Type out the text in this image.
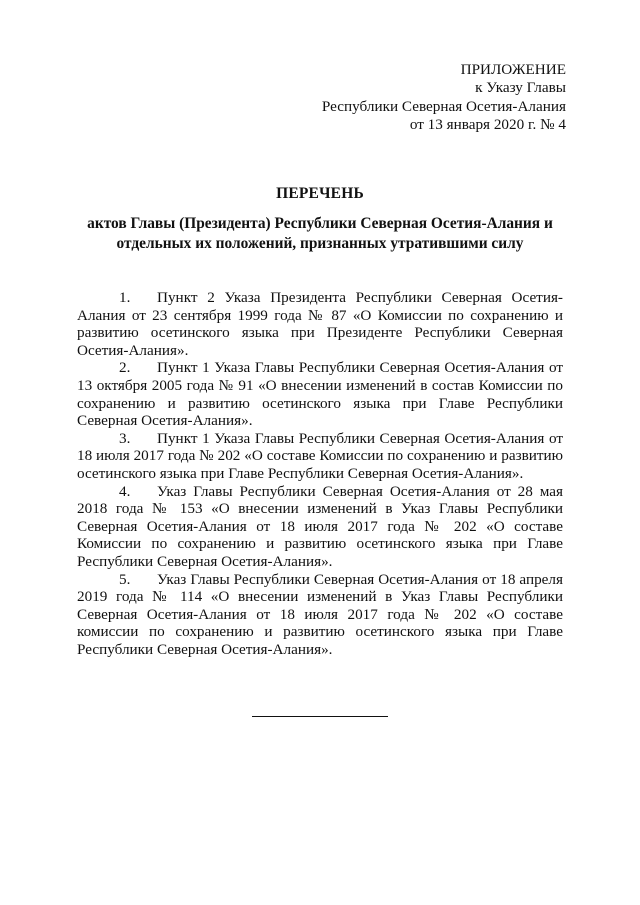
ПРИЛОЖЕНИЕ
к Указу Главы
Республики Северная Осетия-Алания
от 13 января 2020 г. № 4
ПЕРЕЧЕНЬ
актов Главы (Президента) Республики Северная Осетия-Алания и отдельных их положений, признанных утратившими силу

1. Пункт 2 Указа Президента Республики Северная Осетия-Алания от 23 сентября 1999 года № 87 «О Комиссии по сохранению и развитию осетинского языка при Президенте Республики Северная Осетия-Алания».

2. Пункт 1 Указа Главы Республики Северная Осетия-Алания от 13 октября 2005 года № 91 «О внесении изменений в состав Комиссии по сохранению и развитию осетинского языка при Главе Республики Северная Осетия-Алания».

3. Пункт 1 Указа Главы Республики Северная Осетия-Алания от 18 июля 2017 года № 202 «О составе Комиссии по сохранению и развитию осетинского языка при Главе Республики Северная Осетия-Алания».

4. Указ Главы Республики Северная Осетия-Алания от 28 мая 2018 года № 153 «О внесении изменений в Указ Главы Республики Северная Осетия-Алания от 18 июля 2017 года № 202 «О составе Комиссии по сохранению и развитию осетинского языка при Главе Республики Северная Осетия-Алания».

5. Указ Главы Республики Северная Осетия-Алания от 18 апреля 2019 года № 114 «О внесении изменений в Указ Главы Республики Северная Осетия-Алания от 18 июля 2017 года № 202 «О составе комиссии по сохранению и развитию осетинского языка при Главе Республики Северная Осетия-Алания».
